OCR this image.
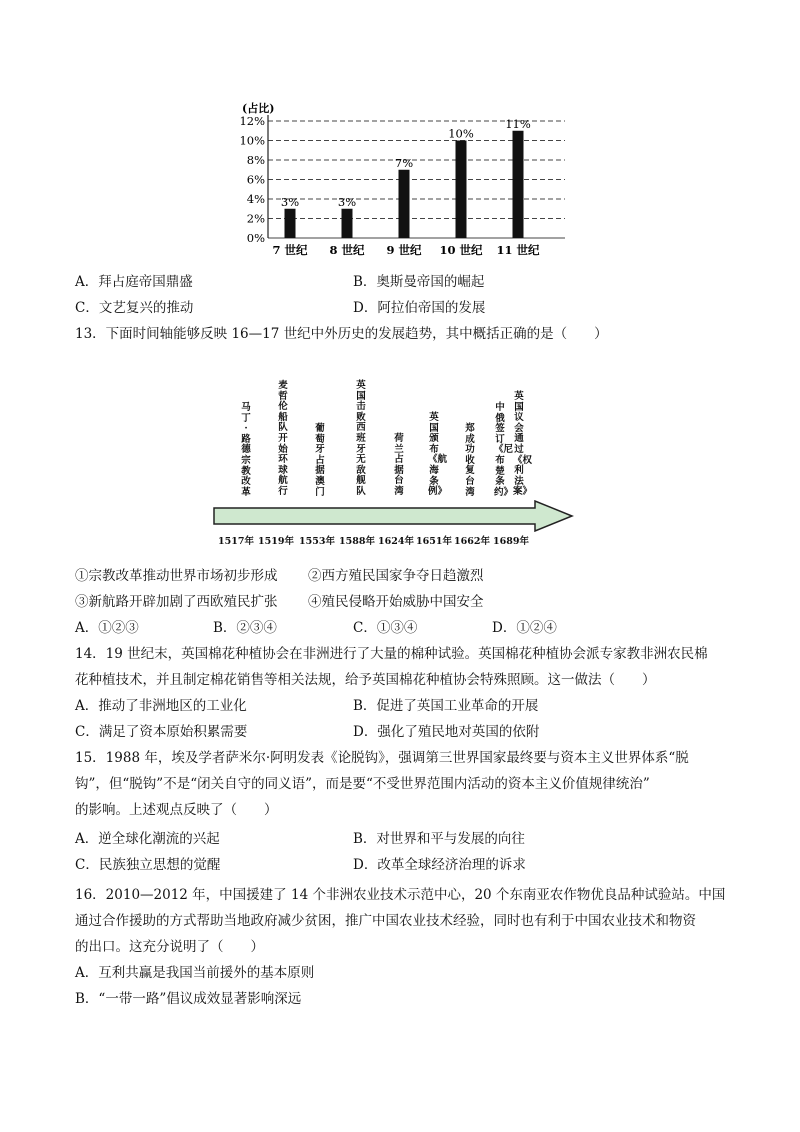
(占比)
0%
2%
4%
6%
8%
10%
12%
3%	3%
7%
10%
11%
7 世纪 8 世纪 9 世纪 10 世纪 11 世纪
A．拜占庭帝国鼎盛	B．奥斯曼帝国的崛起
C．文艺复兴的推动	D．阿拉伯帝国的发展
13．下面时间轴能够反映 16—17 世纪中外历史的发展趋势，其中概括正确的是（　　）
马丁·路德宗教改革
1517年
麦哲伦船队开始环球航行
1519年
葡萄牙占据澳门
1553年
英国击败西班牙无敌舰队
1588年
荷兰占据台湾
1624年
英国颁布《航海条例》
1651年
郑成功收复台湾
1662年
中俄签订《尼布楚条约》
1689年
英国议会通过《权利法案》
①宗教改革推动世界市场初步形成 ②西方殖民国家争夺日趋激烈
③新航路开辟加剧了西欧殖民扩张 ④殖民侵略开始威胁中国安全
A．①②③	B．②③④	C．①③④	D．①②④
14．19 世纪末，英国棉花种植协会在非洲进行了大量的棉种试验。英国棉花种植协会派专家教非洲农民棉
花种植技术，并且制定棉花销售等相关法规，给予英国棉花种植协会特殊照顾。这一做法（　　）
A．推动了非洲地区的工业化	B．促进了英国工业革命的开展
C．满足了资本原始积累需要	D．强化了殖民地对英国的依附
15．1988 年，埃及学者萨米尔·阿明发表《论脱钩》，强调第三世界国家最终要与资本主义世界体系“脱
钩”，但“脱钩”不是“闭关自守的同义语”，而是要“不受世界范围内活动的资本主义价值规律统治”
的影响。上述观点反映了（　　）
A．逆全球化潮流的兴起	B．对世界和平与发展的向往
C．民族独立思想的觉醒	D．改革全球经济治理的诉求
16．2010—2012 年，中国援建了 14 个非洲农业技术示范中心，20 个东南亚农作物优良品种试验站。中国
通过合作援助的方式帮助当地政府减少贫困，推广中国农业技术经验，同时也有利于中国农业技术和物资
的出口。这充分说明了（　　）
A．互利共赢是我国当前援外的基本原则
B．“一带一路”倡议成效显著影响深远
